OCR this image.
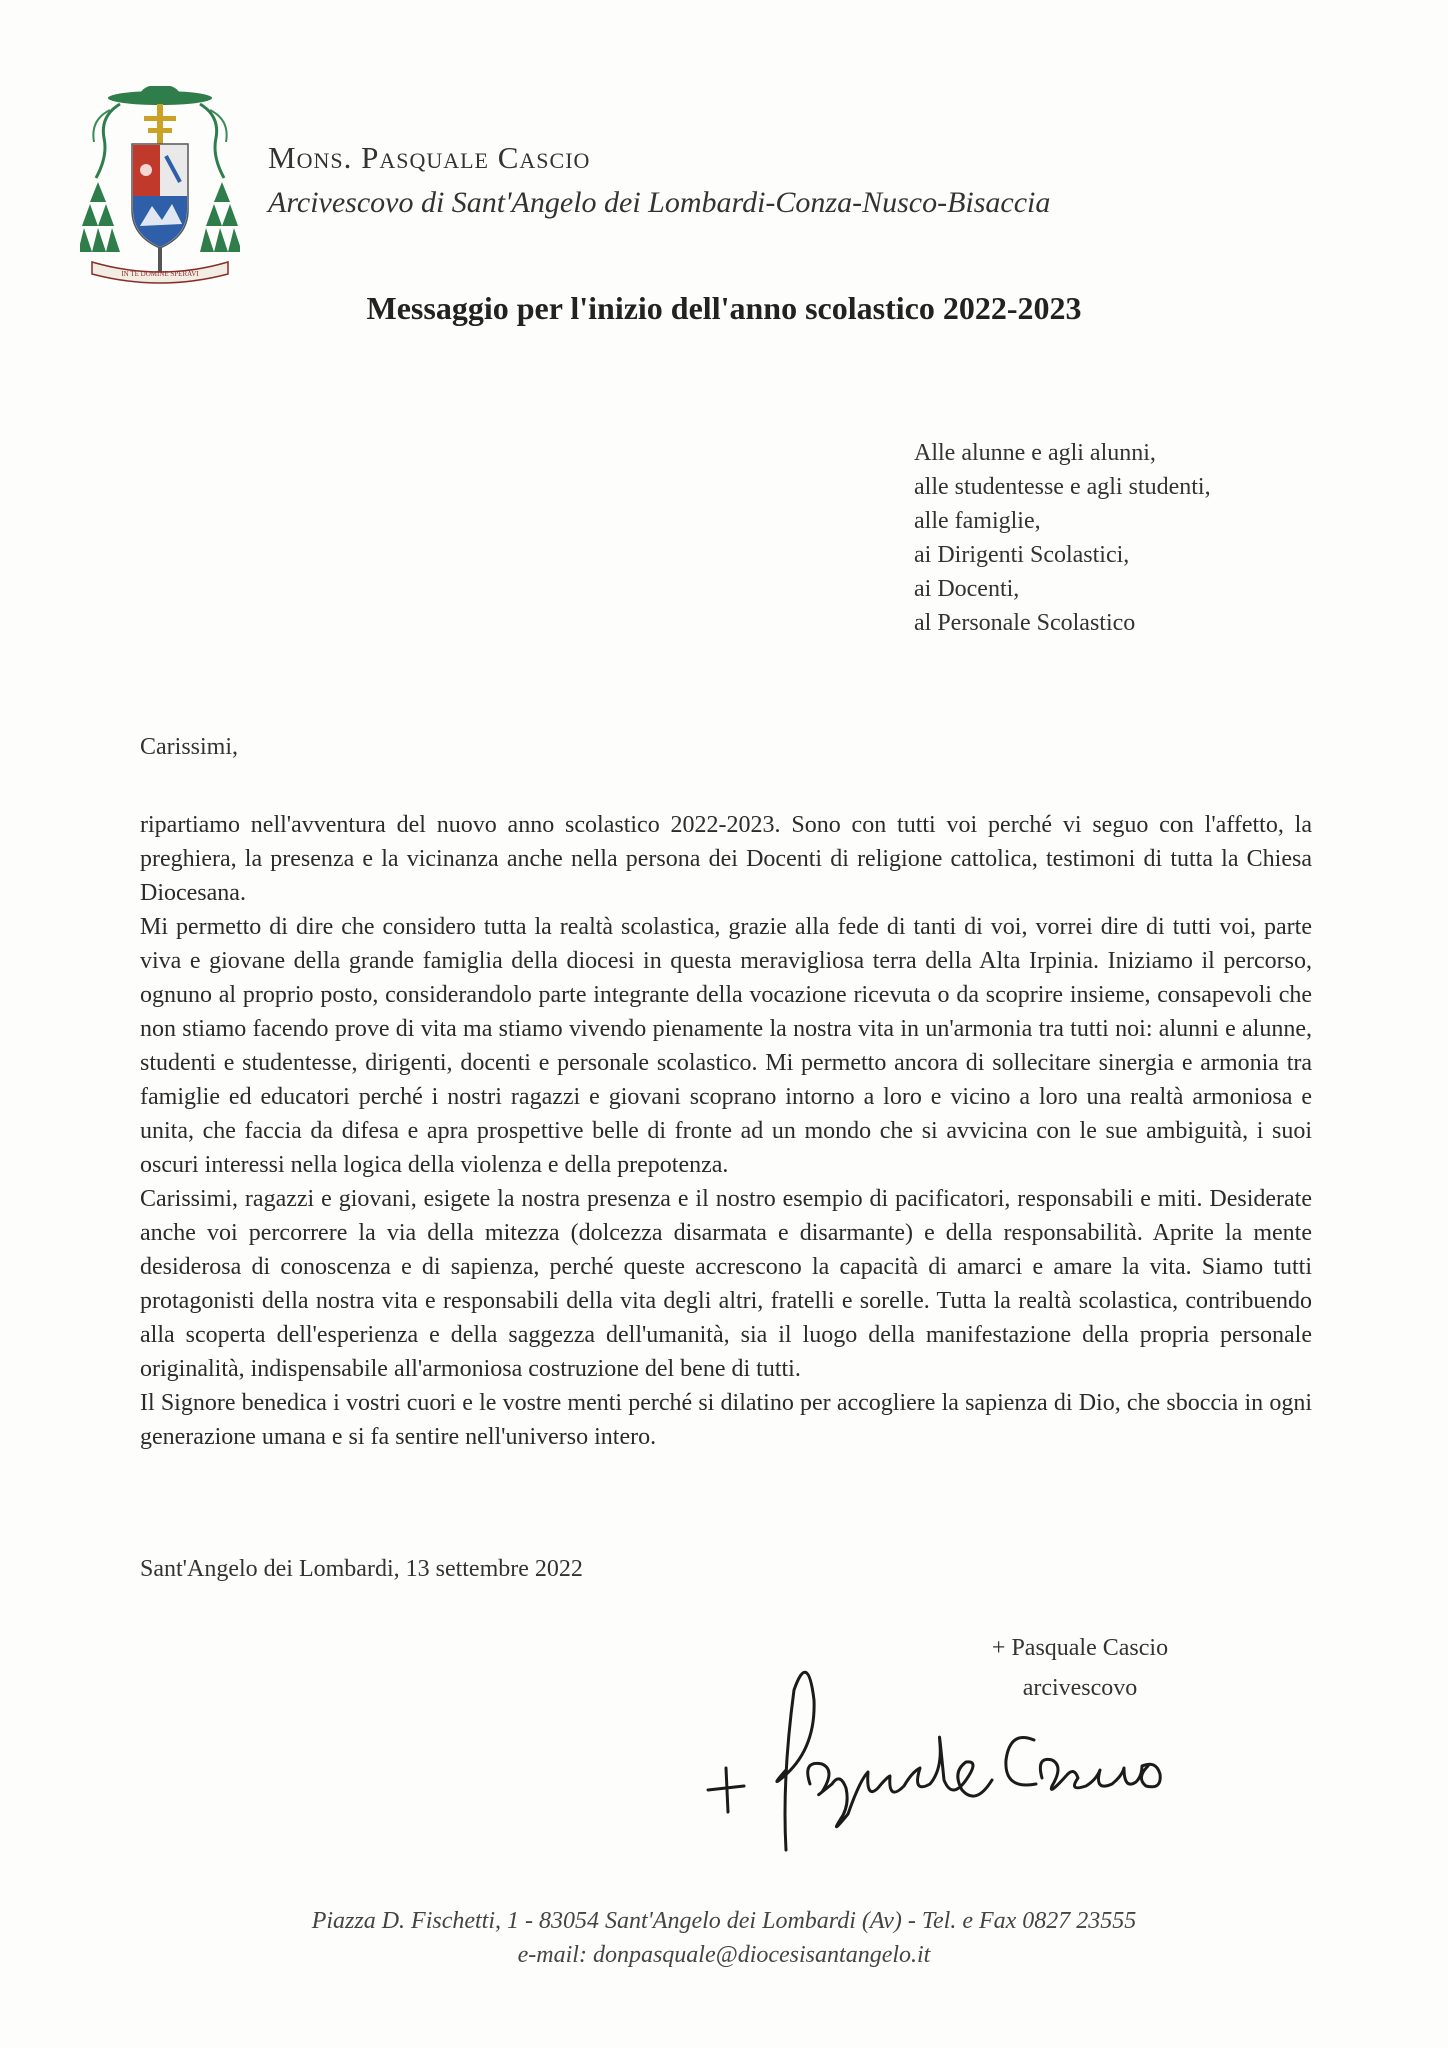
IN TE DOMINE SPERAVI
Mons. Pasquale Cascio
Arcivescovo di Sant'Angelo dei Lombardi-Conza-Nusco-Bisaccia
Messaggio per l'inizio dell'anno scolastico 2022-2023
Alle alunne e agli alunni,
alle studentesse e agli studenti,
alle famiglie,
ai Dirigenti Scolastici,
ai Docenti,
al Personale Scolastico
Carissimi,

ripartiamo nell'avventura del nuovo anno scolastico 2022-2023. Sono con tutti voi perché vi seguo con l'affetto, la preghiera, la presenza e la vicinanza anche nella persona dei Docenti di religione cattolica, testimoni di tutta la Chiesa Diocesana.

Mi permetto di dire che considero tutta la realtà scolastica, grazie alla fede di tanti di voi, vorrei dire di tutti voi, parte viva e giovane della grande famiglia della diocesi in questa meravigliosa terra della Alta Irpinia. Iniziamo il percorso, ognuno al proprio posto, considerandolo parte integrante della vocazione ricevuta o da scoprire insieme, consapevoli che non stiamo facendo prove di vita ma stiamo vivendo pienamente la nostra vita in un'armonia tra tutti noi: alunni e alunne, studenti e studentesse, dirigenti, docenti e personale scolastico. Mi permetto ancora di sollecitare sinergia e armonia tra famiglie ed educatori perché i nostri ragazzi e giovani scoprano intorno a loro e vicino a loro una realtà armoniosa e unita, che faccia da difesa e apra prospettive belle di fronte ad un mondo che si avvicina con le sue ambiguità, i suoi oscuri interessi nella logica della violenza e della prepotenza.

Carissimi, ragazzi e giovani, esigete la nostra presenza e il nostro esempio di pacificatori, responsabili e miti. Desiderate anche voi percorrere la via della mitezza (dolcezza disarmata e disarmante) e della responsabilità. Aprite la mente desiderosa di conoscenza e di sapienza, perché queste accrescono la capacità di amarci e amare la vita. Siamo tutti protagonisti della nostra vita e responsabili della vita degli altri, fratelli e sorelle. Tutta la realtà scolastica, contribuendo alla scoperta dell'esperienza e della saggezza dell'umanità, sia il luogo della manifestazione della propria personale originalità, indispensabile all'armoniosa costruzione del bene di tutti.

Il Signore benedica i vostri cuori e le vostre menti perché si dilatino per accogliere la sapienza di Dio, che sboccia in ogni generazione umana e si fa sentire nell'universo intero.

Sant'Angelo dei Lombardi, 13 settembre 2022
+ Pasquale Cascio
arcivescovo
Piazza D. Fischetti, 1 - 83054 Sant'Angelo dei Lombardi (Av) - Tel. e Fax 0827 23555
e-mail: donpasquale@diocesisantangelo.it
